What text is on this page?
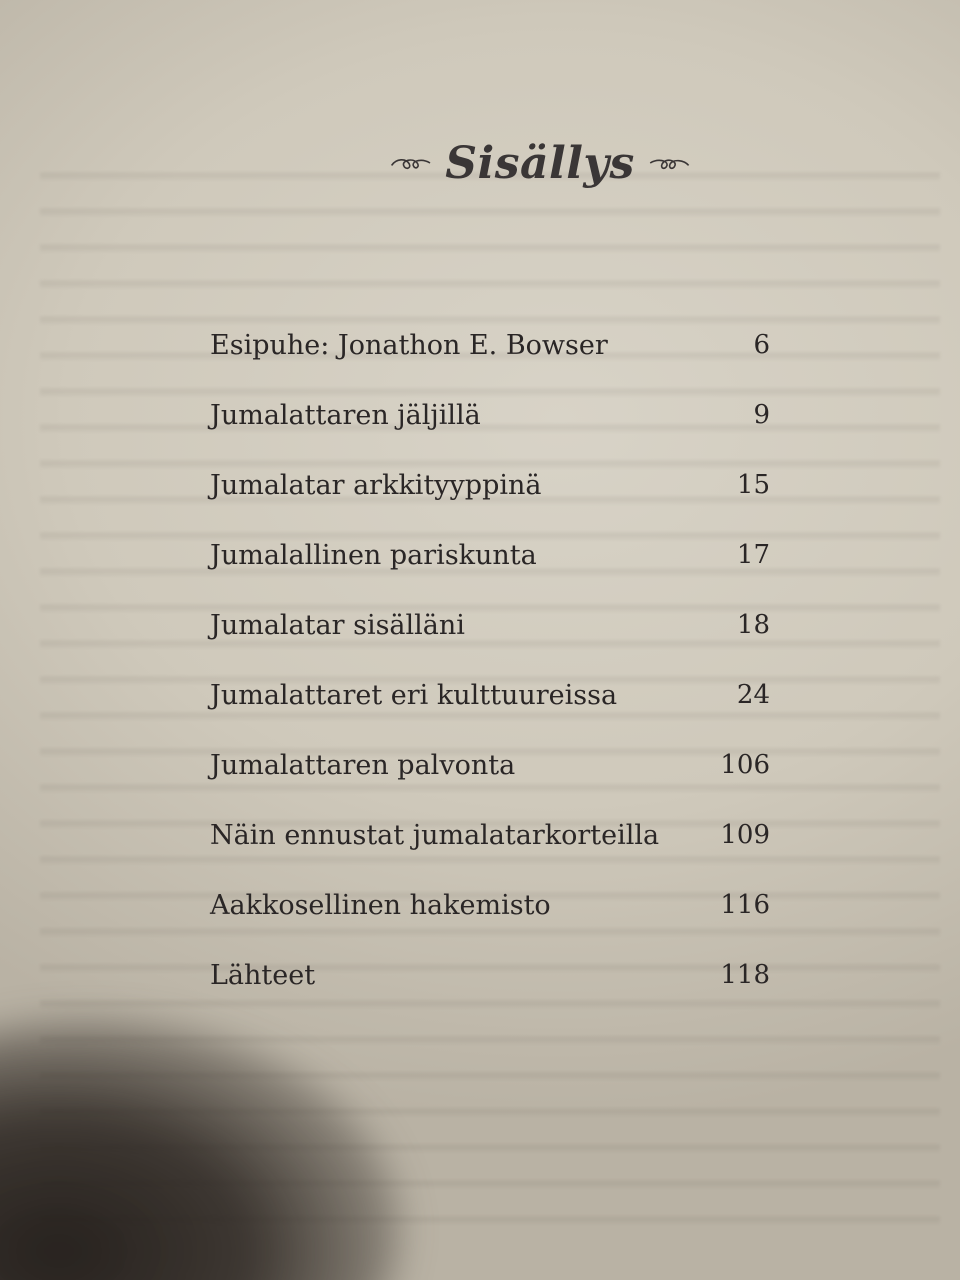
Sisällys
Esipuhe: Jonathon E. Bowser	6
Jumalattaren jäljillä	9
Jumalatar arkkityyppinä	15
Jumalallinen pariskunta	17
Jumalatar sisälläni	18
Jumalattaret eri kulttuureissa	24
Jumalattaren palvonta	106
Näin ennustat jumalatarkorteilla 109
Aakkosellinen hakemisto	116
Lähteet	118
